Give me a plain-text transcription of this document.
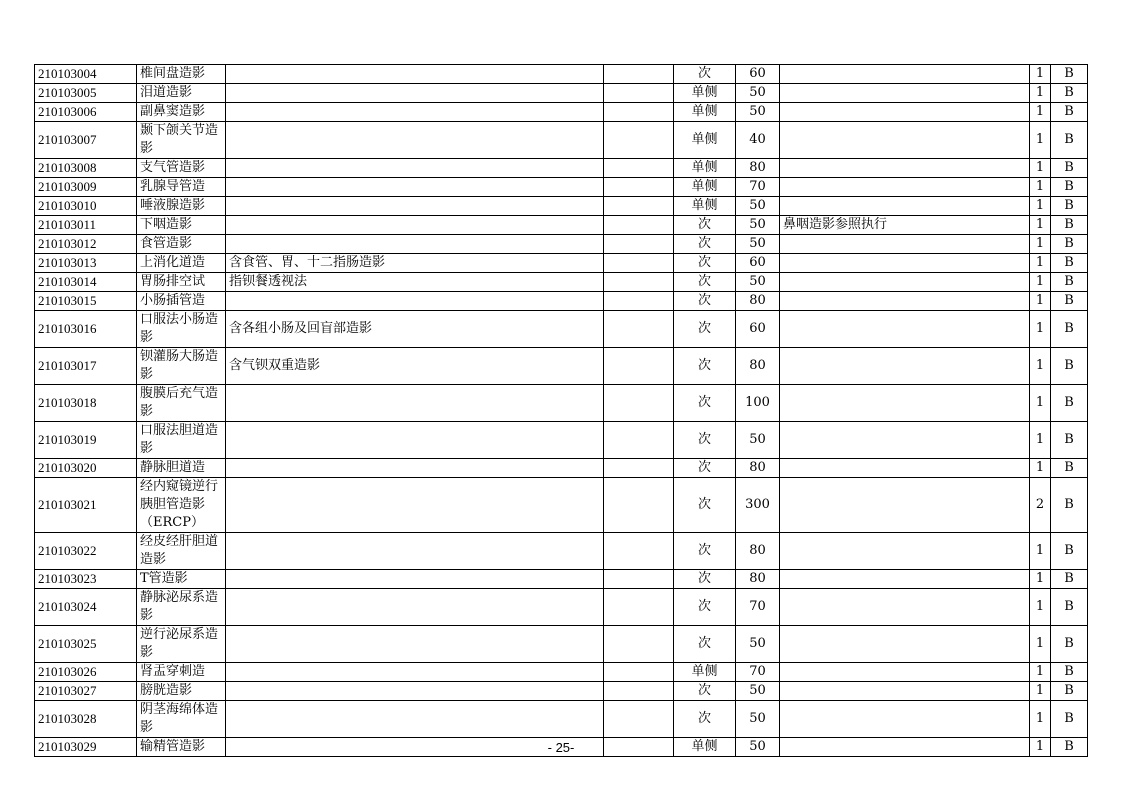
210103004	椎间盘造影			次	60		1	B
210103005	泪道造影			单侧	50		1	B
210103006	副鼻窦造影			单侧	50		1	B
210103007	颞下颌关节造影			单侧	40		1	B
210103008	支气管造影			单侧	80		1	B
210103009	乳腺导管造			单侧	70		1	B
210103010	唾液腺造影			单侧	50		1	B
210103011	下咽造影			次	50	鼻咽造影参照执行	1	B
210103012	食管造影			次	50		1	B
210103013	上消化道造	含食管、胃、十二指肠造影		次	60		1	B
210103014	胃肠排空试	指钡餐透视法		次	50		1	B
210103015	小肠插管造			次	80		1	B
210103016	口服法小肠造影	含各组小肠及回盲部造影		次	60		1	B
210103017	钡灌肠大肠造影	含气钡双重造影		次	80		1	B
210103018	腹膜后充气造影			次	100		1	B
210103019	口服法胆道造影			次	50		1	B
210103020	静脉胆道造			次	80		1	B
210103021	经内窥镜逆行胰胆管造影（ERCP）			次	300		2	B
210103022	经皮经肝胆道造影			次	80		1	B
210103023	T管造影			次	80		1	B
210103024	静脉泌尿系造影			次	70		1	B
210103025	逆行泌尿系造影			次	50		1	B
210103026	肾盂穿刺造			单侧	70		1	B
210103027	膀胱造影			次	50		1	B
210103028	阴茎海绵体造影			次	50		1	B
210103029	输精管造影			单侧	50		1	B
- 25-
